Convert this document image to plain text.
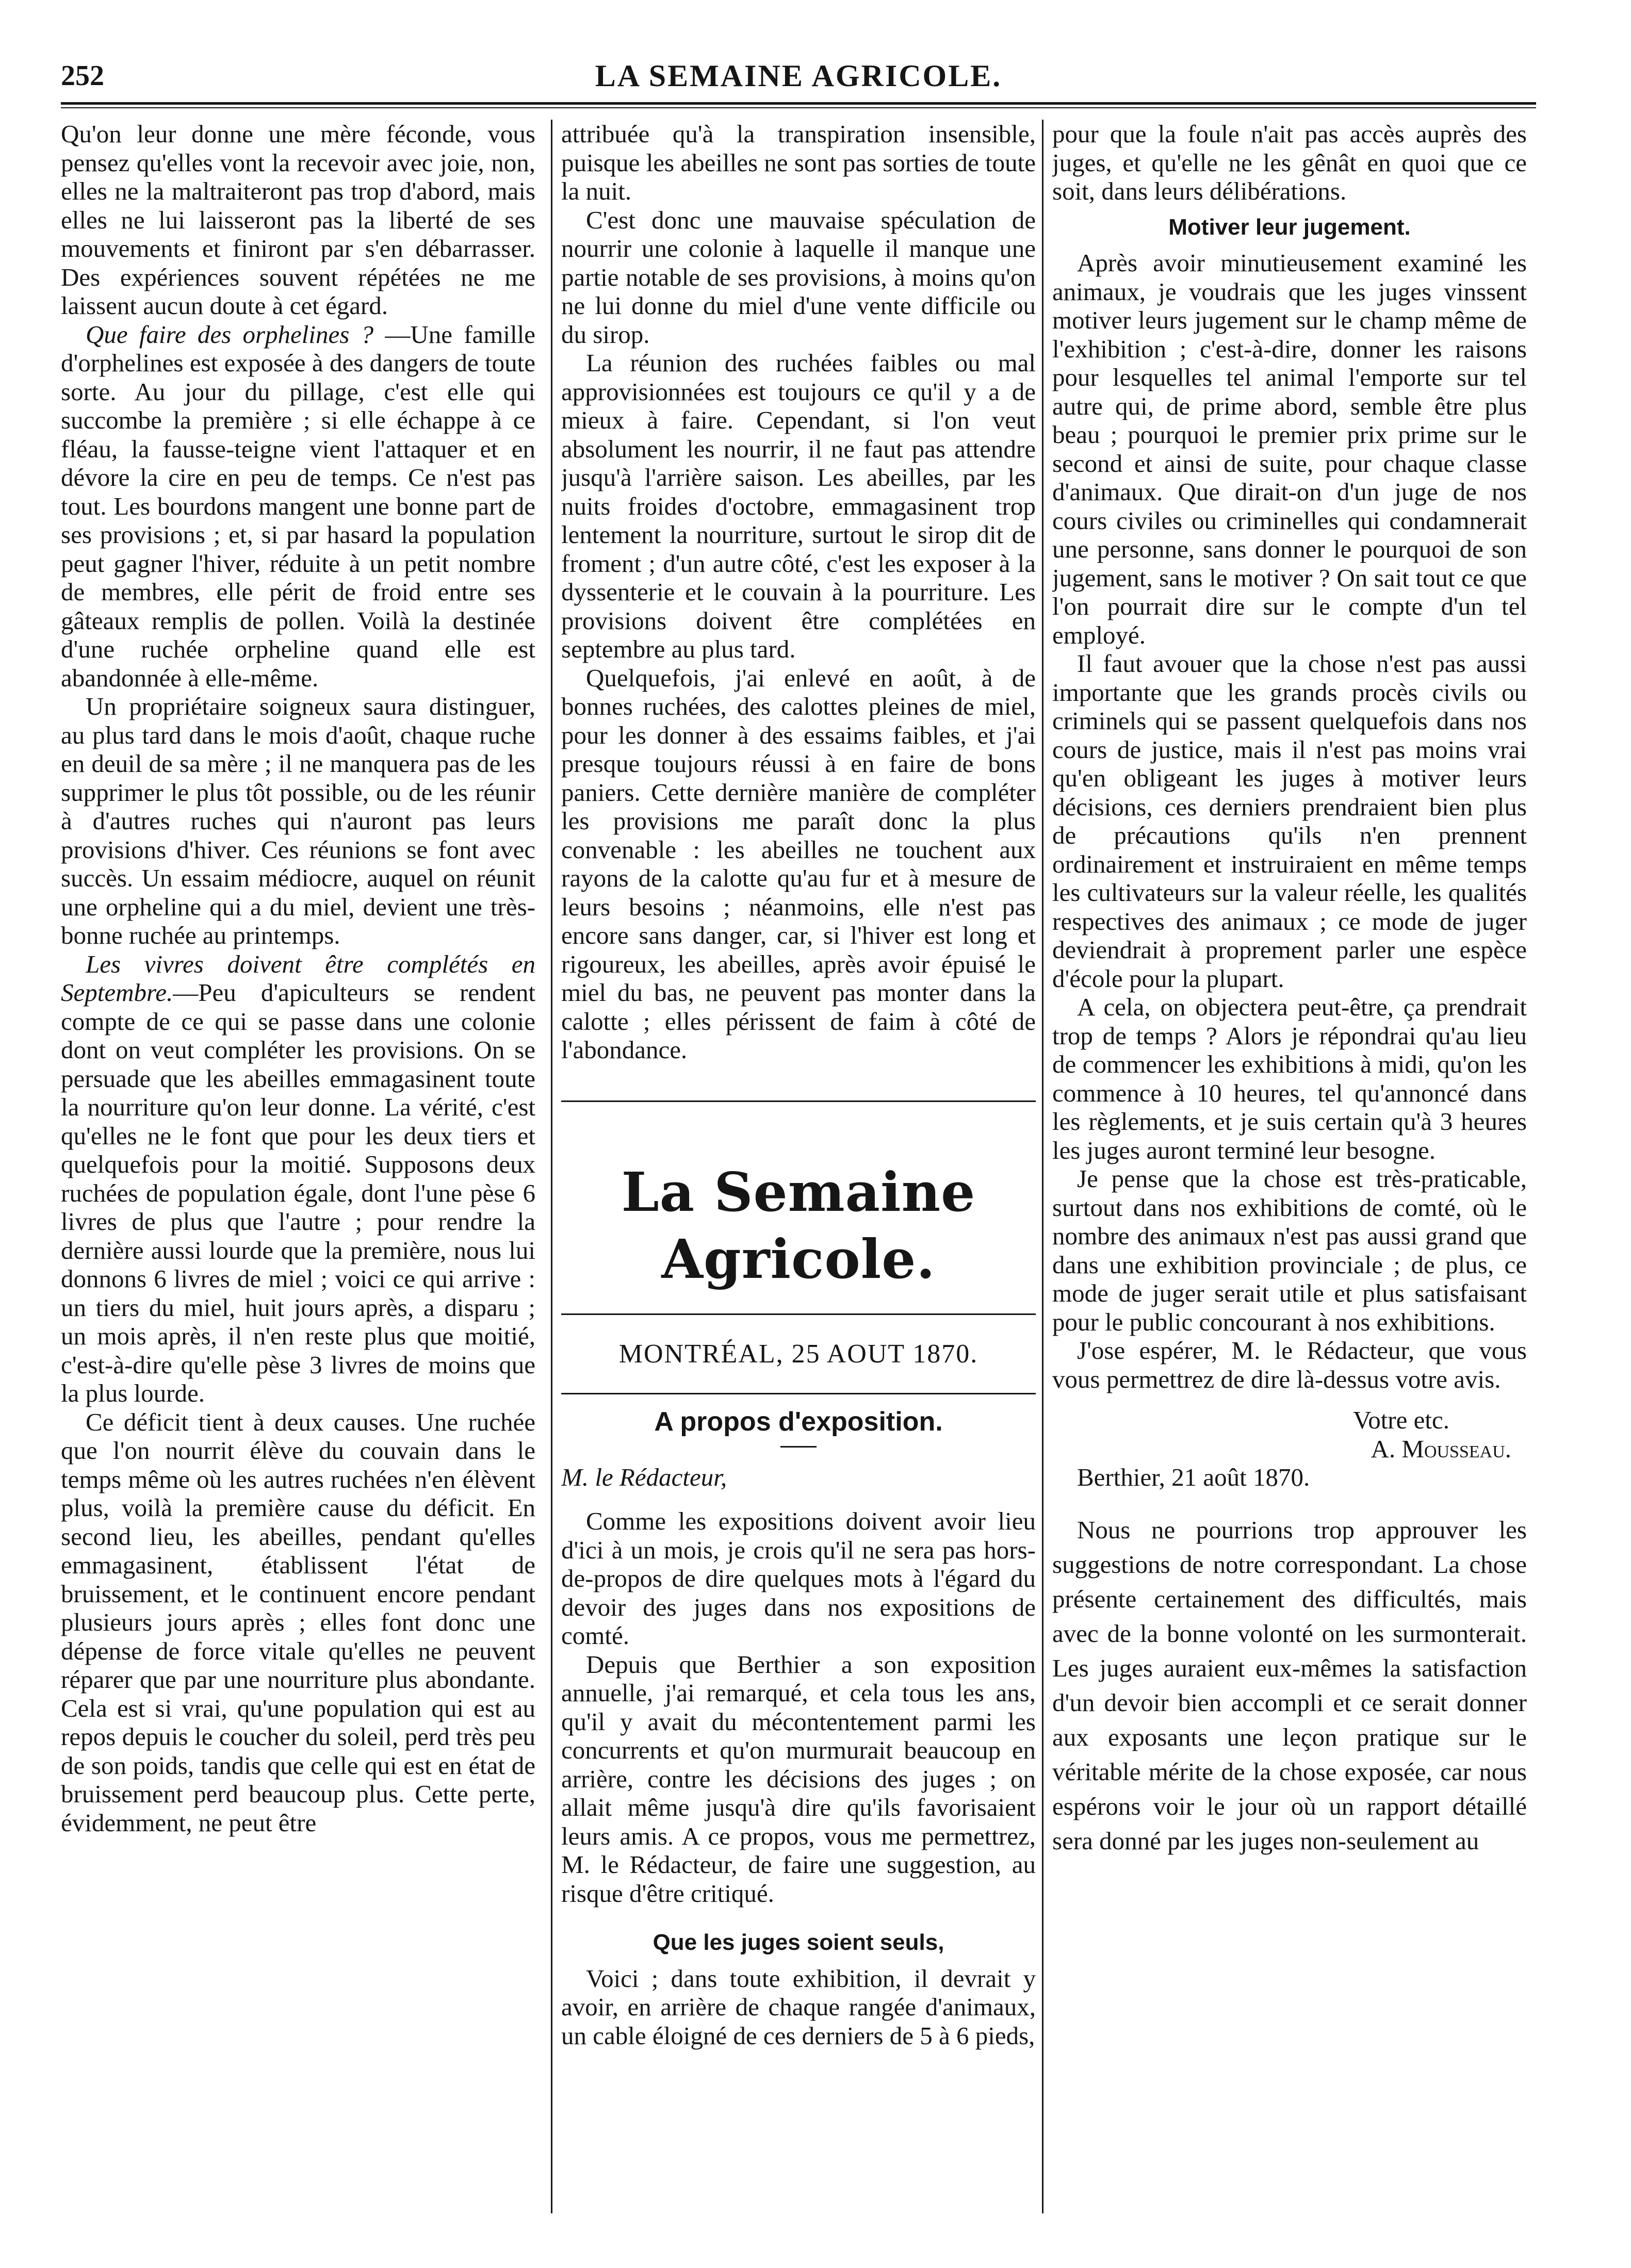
252	LA SEMAINE AGRICOLE.

Qu'on leur donne une mère féconde, vous pensez qu'elles vont la recevoir avec joie, non, elles ne la maltraiteront pas trop d'abord, mais elles ne lui laisseront pas la liberté de ses mouvements et finiront par s'en débarrasser. Des expériences souvent répétées ne me laissent aucun doute à cet égard.

Que faire des orphelines ? —Une famille d'orphelines est exposée à des dangers de toute sorte. Au jour du pillage, c'est elle qui succombe la première ; si elle échappe à ce fléau, la fausse-teigne vient l'attaquer et en dévore la cire en peu de temps. Ce n'est pas tout. Les bourdons mangent une bonne part de ses provisions ; et, si par hasard la population peut gagner l'hiver, réduite à un petit nombre de membres, elle périt de froid entre ses gâteaux remplis de pollen. Voilà la destinée d'une ruchée orpheline quand elle est abandonnée à elle-même.

Un propriétaire soigneux saura distinguer, au plus tard dans le mois d'août, chaque ruche en deuil de sa mère ; il ne manquera pas de les supprimer le plus tôt possible, ou de les réunir à d'autres ruches qui n'auront pas leurs provisions d'hiver. Ces réunions se font avec succès. Un essaim médiocre, auquel on réunit une orpheline qui a du miel, devient une très-bonne ruchée au printemps.

Les vivres doivent être complétés en Septembre.—Peu d'apiculteurs se rendent compte de ce qui se passe dans une colonie dont on veut compléter les provisions. On se persuade que les abeilles emmagasinent toute la nourriture qu'on leur donne. La vérité, c'est qu'elles ne le font que pour les deux tiers et quelquefois pour la moitié. Supposons deux ruchées de population égale, dont l'une pèse 6 livres de plus que l'autre ; pour rendre la dernière aussi lourde que la première, nous lui donnons 6 livres de miel ; voici ce qui arrive : un tiers du miel, huit jours après, a disparu ; un mois après, il n'en reste plus que moitié, c'est-à-dire qu'elle pèse 3 livres de moins que la plus lourde.

Ce déficit tient à deux causes. Une ruchée que l'on nourrit élève du couvain dans le temps même où les autres ruchées n'en élèvent plus, voilà la première cause du déficit. En second lieu, les abeilles, pendant qu'elles emmagasinent, établissent l'état de bruissement, et le continuent encore pendant plusieurs jours après ; elles font donc une dépense de force vitale qu'elles ne peuvent réparer que par une nourriture plus abondante. Cela est si vrai, qu'une population qui est au repos depuis le coucher du soleil, perd très peu de son poids, tandis que celle qui est en état de bruissement perd beaucoup plus. Cette perte, évidemment, ne peut être

attribuée qu'à la transpiration insensible, puisque les abeilles ne sont pas sorties de toute la nuit.

C'est donc une mauvaise spéculation de nourrir une colonie à laquelle il manque une partie notable de ses provisions, à moins qu'on ne lui donne du miel d'une vente difficile ou du sirop.

La réunion des ruchées faibles ou mal approvisionnées est toujours ce qu'il y a de mieux à faire. Cependant, si l'on veut absolument les nourrir, il ne faut pas attendre jusqu'à l'arrière saison. Les abeilles, par les nuits froides d'octobre, emmagasinent trop lentement la nourriture, surtout le sirop dit de froment ; d'un autre côté, c'est les exposer à la dyssenterie et le couvain à la pourriture. Les provisions doivent être complétées en septembre au plus tard.

Quelquefois, j'ai enlevé en août, à de bonnes ruchées, des calottes pleines de miel, pour les donner à des essaims faibles, et j'ai presque toujours réussi à en faire de bons paniers. Cette dernière manière de compléter les provisions me paraît donc la plus convenable : les abeilles ne touchent aux rayons de la calotte qu'au fur et à mesure de leurs besoins ; néanmoins, elle n'est pas encore sans danger, car, si l'hiver est long et rigoureux, les abeilles, après avoir épuisé le miel du bas, ne peuvent pas monter dans la calotte ; elles périssent de faim à côté de l'abondance.

La Semaine Agricole.
MONTRÉAL, 25 AOUT 1870.
A propos d'exposition.

M. le Rédacteur,

Comme les expositions doivent avoir lieu d'ici à un mois, je crois qu'il ne sera pas hors-de-propos de dire quelques mots à l'égard du devoir des juges dans nos expositions de comté.

Depuis que Berthier a son exposition annuelle, j'ai remarqué, et cela tous les ans, qu'il y avait du mécontentement parmi les concurrents et qu'on murmurait beaucoup en arrière, contre les décisions des juges ; on allait même jusqu'à dire qu'ils favorisaient leurs amis. A ce propos, vous me permettrez, M. le Rédacteur, de faire une suggestion, au risque d'être critiqué.

Que les juges soient seuls,

Voici ; dans toute exhibition, il devrait y avoir, en arrière de chaque rangée d'animaux, un cable éloigné de ces derniers de 5 à 6 pieds,

pour que la foule n'ait pas accès auprès des juges, et qu'elle ne les gênât en quoi que ce soit, dans leurs délibérations.

Motiver leur jugement.

Après avoir minutieusement examiné les animaux, je voudrais que les juges vinssent motiver leurs jugement sur le champ même de l'exhibition ; c'est-à-dire, donner les raisons pour lesquelles tel animal l'emporte sur tel autre qui, de prime abord, semble être plus beau ; pourquoi le premier prix prime sur le second et ainsi de suite, pour chaque classe d'animaux. Que dirait-on d'un juge de nos cours civiles ou criminelles qui condamnerait une personne, sans donner le pourquoi de son jugement, sans le motiver ? On sait tout ce que l'on pourrait dire sur le compte d'un tel employé.

Il faut avouer que la chose n'est pas aussi importante que les grands procès civils ou criminels qui se passent quelquefois dans nos cours de justice, mais il n'est pas moins vrai qu'en obligeant les juges à motiver leurs décisions, ces derniers prendraient bien plus de précautions qu'ils n'en prennent ordinairement et instruiraient en même temps les cultivateurs sur la valeur réelle, les qualités respectives des animaux ; ce mode de juger deviendrait à proprement parler une espèce d'école pour la plupart.

A cela, on objectera peut-être, ça prendrait trop de temps ? Alors je répondrai qu'au lieu de commencer les exhibitions à midi, qu'on les commence à 10 heures, tel qu'annoncé dans les règlements, et je suis certain qu'à 3 heures les juges auront terminé leur besogne.

Je pense que la chose est très-praticable, surtout dans nos exhibitions de comté, où le nombre des animaux n'est pas aussi grand que dans une exhibition provinciale ; de plus, ce mode de juger serait utile et plus satisfaisant pour le public concourant à nos exhibitions.

J'ose espérer, M. le Rédacteur, que vous vous permettrez de dire là-dessus votre avis.

Votre etc.

A. Mousseau.

Berthier, 21 août 1870.

Nous ne pourrions trop approuver les suggestions de notre correspondant. La chose présente certainement des difficultés, mais avec de la bonne volonté on les surmonterait. Les juges auraient eux-mêmes la satisfaction d'un devoir bien accompli et ce serait donner aux exposants une leçon pratique sur le véritable mérite de la chose exposée, car nous espérons voir le jour où un rapport détaillé sera donné par les juges non-seulement au
